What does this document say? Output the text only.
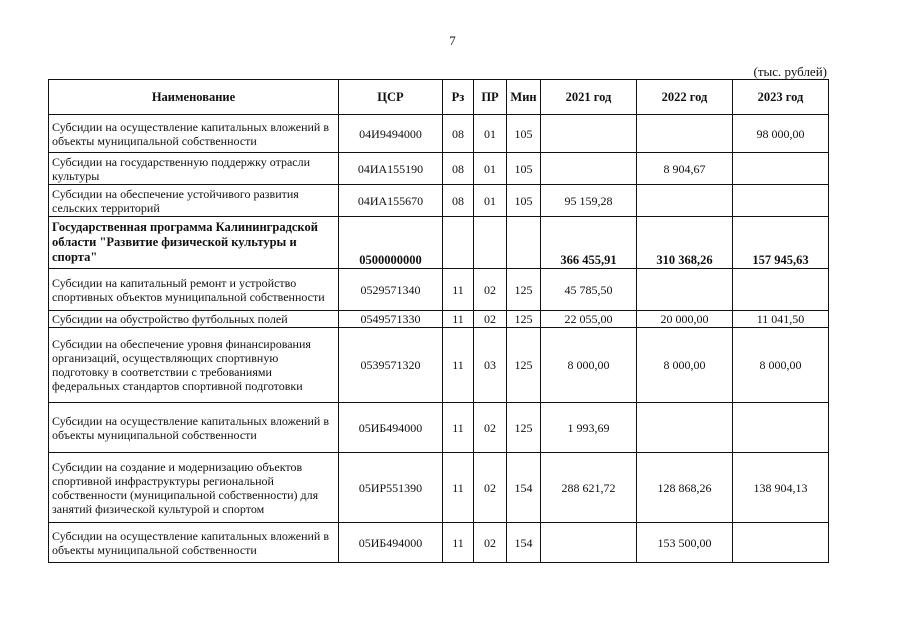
7
(тыс. рублей)
Наименование	ЦСР	Рз	ПР	Мин	2021 год	2022 год	2023 год
Субсидии на осуществление капитальных вложений в объекты муниципальной собственности	04И9494000	08	01	105			98 000,00
Субсидии на государственную поддержку отрасли культуры	04ИА155190	08	01	105		8 904,67	
Субсидии на обеспечение устойчивого развития сельских территорий	04ИА155670	08	01	105	95 159,28		
Государственная программа Калининградской области "Развитие физической культуры и спорта"	0500000000				366 455,91	310 368,26	157 945,63
Субсидии на капитальный ремонт и устройство спортивных объектов муниципальной собственности	0529571340	11	02	125	45 785,50		
Субсидии на обустройство футбольных полей	0549571330	11	02	125	22 055,00	20 000,00	11 041,50
Субсидии на обеспечение уровня финансирования организаций, осуществляющих спортивную подготовку в соответствии с требованиями федеральных стандартов спортивной подготовки	0539571320	11	03	125	8 000,00	8 000,00	8 000,00
Субсидии на осуществление капитальных вложений в объекты муниципальной собственности	05ИБ494000	11	02	125	1 993,69		
Субсидии на создание и модернизацию объектов спортивной инфраструктуры региональной собственности (муниципальной собственности) для занятий физической культурой и спортом	05ИР551390	11	02	154	288 621,72	128 868,26	138 904,13
Субсидии на осуществление капитальных вложений в объекты муниципальной собственности	05ИБ494000	11	02	154		153 500,00	
